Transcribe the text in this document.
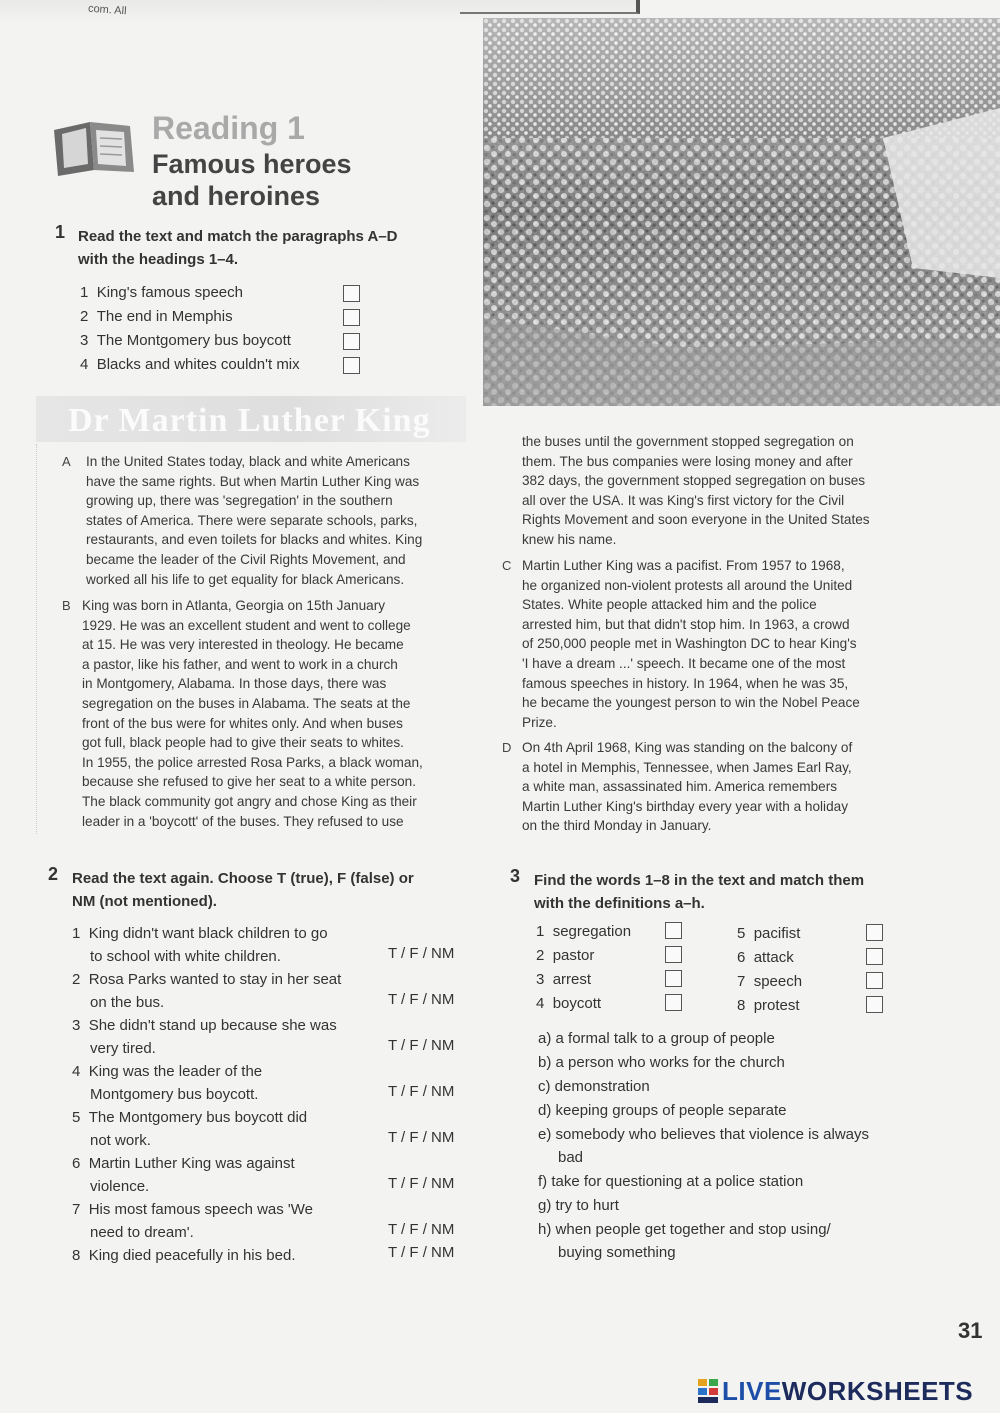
com. All
Reading 1
Famous heroes
and heroines
1 Read the text and match the paragraphs A–D
with the headings 1–4.
1 King's famous speech
2 The end in Memphis
3 The Montgomery bus boycott
4 Blacks and whites couldn't mix
Dr Martin Luther King
A In the United States today, black and white Americans
have the same rights. But when Martin Luther King was
growing up, there was 'segregation' in the southern
states of America. There were separate schools, parks,
restaurants, and even toilets for blacks and whites. King
became the leader of the Civil Rights Movement, and
worked all his life to get equality for black Americans.
B King was born in Atlanta, Georgia on 15th January
1929. He was an excellent student and went to college
at 15. He was very interested in theology. He became
a pastor, like his father, and went to work in a church
in Montgomery, Alabama. In those days, there was
segregation on the buses in Alabama. The seats at the
front of the bus were for whites only. And when buses
got full, black people had to give their seats to whites.
In 1955, the police arrested Rosa Parks, a black woman,
because she refused to give her seat to a white person.
The black community got angry and chose King as their
leader in a 'boycott' of the buses. They refused to use
the buses until the government stopped segregation on
them. The bus companies were losing money and after
382 days, the government stopped segregation on buses
all over the USA. It was King's first victory for the Civil
Rights Movement and soon everyone in the United States
knew his name.
C Martin Luther King was a pacifist. From 1957 to 1968,
he organized non-violent protests all around the United
States. White people attacked him and the police
arrested him, but that didn't stop him. In 1963, a crowd
of 250,000 people met in Washington DC to hear King's
'I have a dream ...' speech. It became one of the most
famous speeches in history. In 1964, when he was 35,
he became the youngest person to win the Nobel Peace
Prize.
D On 4th April 1968, King was standing on the balcony of
a hotel in Memphis, Tennessee, when James Earl Ray,
a white man, assassinated him. America remembers
Martin Luther King's birthday every year with a holiday
on the third Monday in January.
2 Read the text again. Choose T (true), F (false) or
NM (not mentioned).
1 King didn't want black children to go
to school with white children.	T / F / NM
2 Rosa Parks wanted to stay in her seat
on the bus.	T / F / NM
3 She didn't stand up because she was
very tired.	T / F / NM
4 King was the leader of the
Montgomery bus boycott.	T / F / NM
5 The Montgomery bus boycott did
not work.	T / F / NM
6 Martin Luther King was against
violence.	T / F / NM
7 His most famous speech was 'We
need to dream'.	T / F / NM
8 King died peacefully in his bed.	T / F / NM
3 Find the words 1–8 in the text and match them
with the definitions a–h.
1 segregation
2 pastor
3 arrest
4 boycott
5 pacifist
6 attack
7 speech
8 protest
a) a formal talk to a group of people
b) a person who works for the church
c) demonstration
d) keeping groups of people separate
e) somebody who believes that violence is always
bad
f) take for questioning at a police station
g) try to hurt
h) when people get together and stop using/
buying something
31
LIVEWORKSHEETS
